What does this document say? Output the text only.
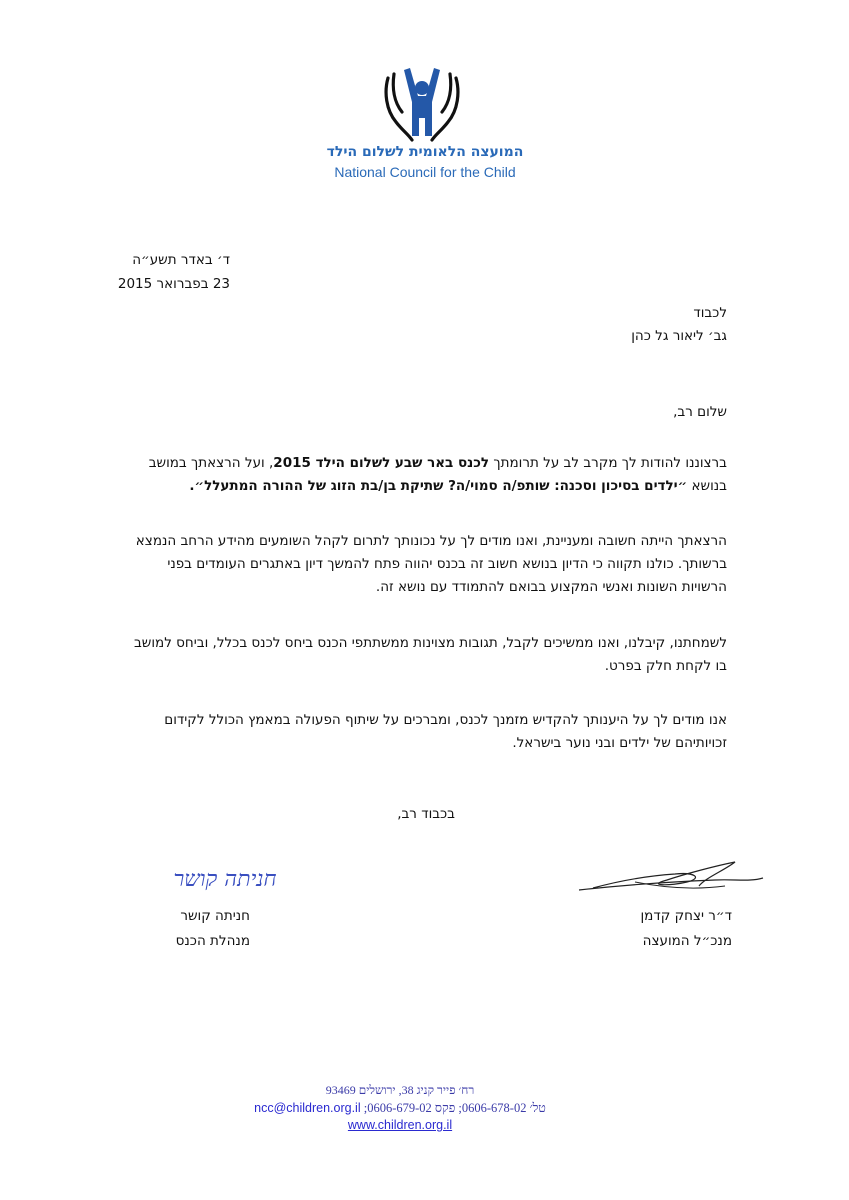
המועצה הלאומית לשלום הילד
National Council for the Child
ד׳ באדר תשע״ה
23 בפברואר 2015
לכבוד
גב׳ ליאור גל כהן
שלום רב,
ברצוננו להודות לך מקרב לב על תרומתך לכנס באר שבע לשלום הילד 2015, ועל הרצאתך במושב בנושא ״ילדים בסיכון וסכנה: שותפ/ה סמוי/ה? שתיקת בן/בת הזוג של ההורה המתעלל״.
הרצאתך הייתה חשובה ומעניינת, ואנו מודים לך על נכונותך לתרום לקהל השומעים מהידע הרחב הנמצא ברשותך. כולנו תקווה כי הדיון בנושא חשוב זה בכנס יהווה פתח להמשך דיון באתגרים העומדים בפני הרשויות השונות ואנשי המקצוע בבואם להתמודד עם נושא זה.
לשמחתנו, קיבלנו, ואנו ממשיכים לקבל, תגובות מצוינות ממשתתפי הכנס ביחס לכנס בכלל, וביחס למושב בו לקחת חלק בפרט.
אנו מודים לך על היענותך להקדיש מזמנך לכנס, ומברכים על שיתוף הפעולה במאמץ הכולל לקידום זכויותיהם של ילדים ובני נוער בישראל.
בכבוד רב,
חניתה קושר
ד״ר יצחק קדמן
מנכ״ל המועצה
חניתה קושר
מנהלת הכנס
רח׳ פייר קניג 38, ירושלים 93469
ncc@children.org.il טל׳ 0606-678-02; פקס 0606-679-02;
www.children.org.il
